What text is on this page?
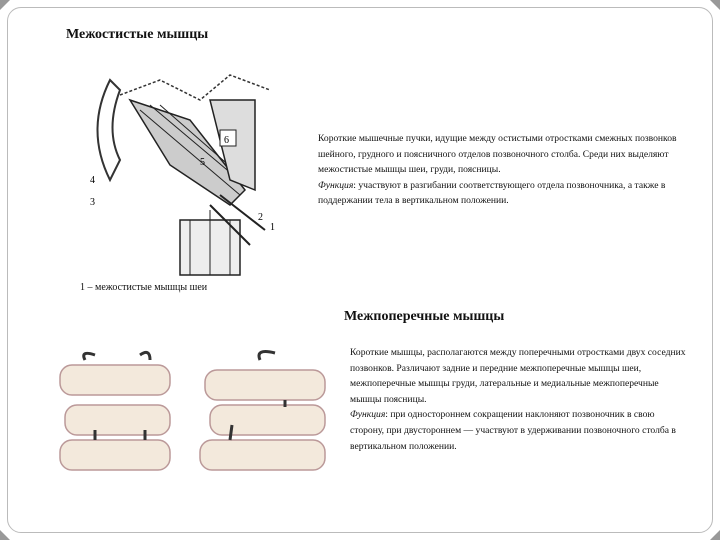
Межостистые мышцы
4
3
1
5
6
2
Короткие мышечные пучки, идущие между остистыми отростками смежных позвонков шейного, грудного и поясничного отделов позвоночного столба. Среди них выделяют межостистые мышцы шеи, груди, поясницы.
Функция: участвуют в разгибании соответствующего отдела позвоночника, а также в поддержании тела в вертикальном положении.
1 – межостистые мышцы шеи
Межпоперечные мышцы
Короткие мышцы, располагаются между поперечными отростками двух соседних позвонков. Различают задние и передние межпоперечные мышцы шеи, межпоперечные мышцы груди, латеральные и медиальные межпоперечные мышцы поясницы.
Функция: при одностороннем сокращении наклоняют позвоночник в свою сторону, при двустороннем — участвуют в удерживании позвоночного столба в вертикальном положении.
